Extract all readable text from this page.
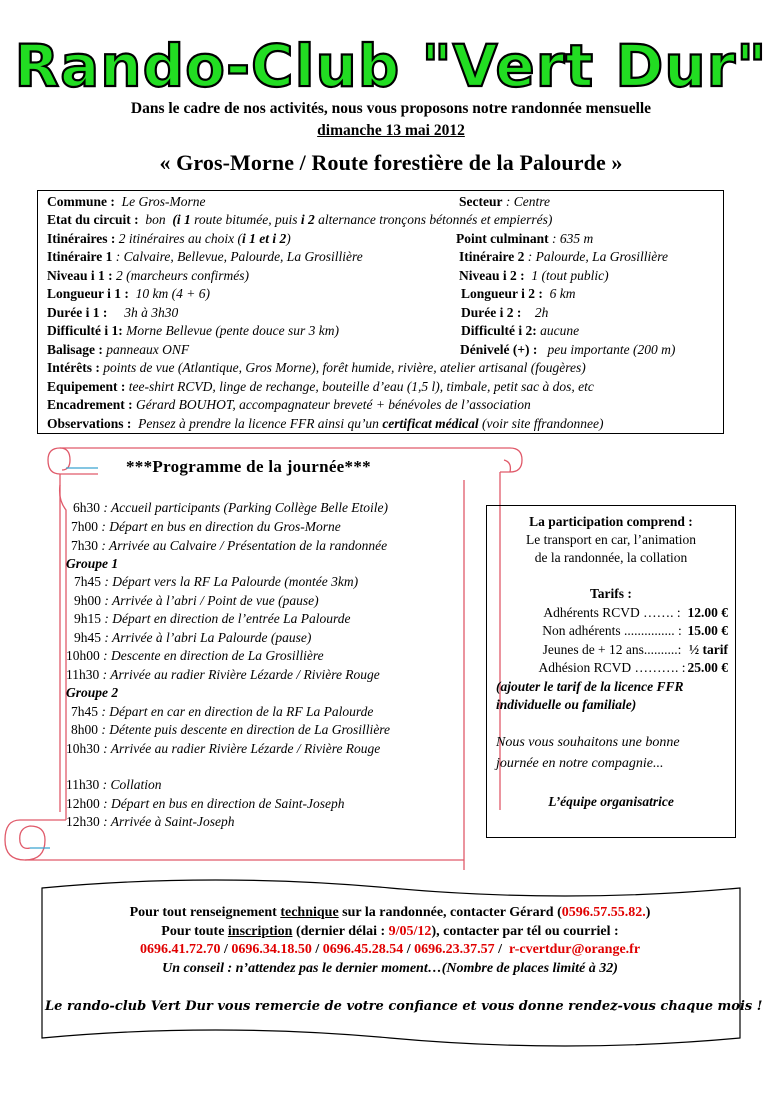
Rando-Club "Vert Dur"
Dans le cadre de nos activités, nous vous proposons notre randonnée mensuelle
dimanche 13 mai 2012
« Gros-Morne / Route forestière de la Palourde »
Commune : Le Gros-Morne	Secteur : Centre
Etat du circuit : bon (i 1 route bitumée, puis i 2 alternance tronçons bétonnés et empierrés)
Itinéraires : 2 itinéraires au choix (i 1 et i 2)	Point culminant : 635 m
Itinéraire 1 : Calvaire, Bellevue, Palourde, La Grosillière	Itinéraire 2 : Palourde, La Grosillière
Niveau i 1 : 2 (marcheurs confirmés)	Niveau i 2 : 1 (tout public)
Longueur i 1 : 10 km (4 + 6)	Longueur i 2 : 6 km
Durée i 1 : 3h à 3h30	Durée i 2 : 2h
Difficulté i 1: Morne Bellevue (pente douce sur 3 km)	Difficulté i 2: aucune
Balisage : panneaux ONF	Dénivelé (+) : peu importante (200 m)
Intérêts : points de vue (Atlantique, Gros Morne), forêt humide, rivière, atelier artisanal (fougères)
Equipement : tee-shirt RCVD, linge de rechange, bouteille d’eau (1,5 l), timbale, petit sac à dos, etc
Encadrement : Gérard BOUHOT, accompagnateur breveté + bénévoles de l’association
Observations : Pensez à prendre la licence FFR ainsi qu’un certificat médical (voir site ffrandonnee)
***Programme de la journée***
6h30 : Accueil participants (Parking Collège Belle Etoile)
7h00 : Départ en bus en direction du Gros-Morne
7h30 : Arrivée au Calvaire / Présentation de la randonnée
Groupe 1
7h45 : Départ vers la RF La Palourde (montée 3km)
9h00 : Arrivée à l’abri / Point de vue (pause)
9h15 : Départ en direction de l’entrée La Palourde
9h45 : Arrivée à l’abri La Palourde (pause)
10h00 : Descente en direction de La Grosillière
11h30 : Arrivée au radier Rivière Lézarde / Rivière Rouge
Groupe 2
7h45 : Départ en car en direction de la RF La Palourde
8h00 : Détente puis descente en direction de La Grosillière
10h30 : Arrivée au radier Rivière Lézarde / Rivière Rouge
11h30 : Collation
12h00 : Départ en bus en direction de Saint-Joseph
12h30 : Arrivée à Saint-Joseph
La participation comprend :
Le transport en car, l’animation
de la randonnée, la collation
Tarifs :
Adhérents RCVD ……. : 12.00 €
Non adhérents ............... : 15.00 €
Jeunes de + 12 ans..........: ½ tarif
Adhésion RCVD ………. : 25.00 €
(ajouter le tarif de la licence FFR
individuelle ou familiale)
Nous vous souhaitons une bonne
journée en notre compagnie...
L’équipe organisatrice
Pour tout renseignement technique sur la randonnée, contacter Gérard (0596.57.55.82.)
Pour toute inscription (dernier délai : 9/05/12), contacter par tél ou courriel :
0696.41.72.70 / 0696.34.18.50 / 0696.45.28.54 / 0696.23.37.57 /  r-cvertdur@orange.fr
Un conseil : n’attendez pas le dernier moment…(Nombre de places limité à 32)
Le rando-club Vert Dur vous remercie de votre confiance et vous donne rendez-vous chaque mois !
